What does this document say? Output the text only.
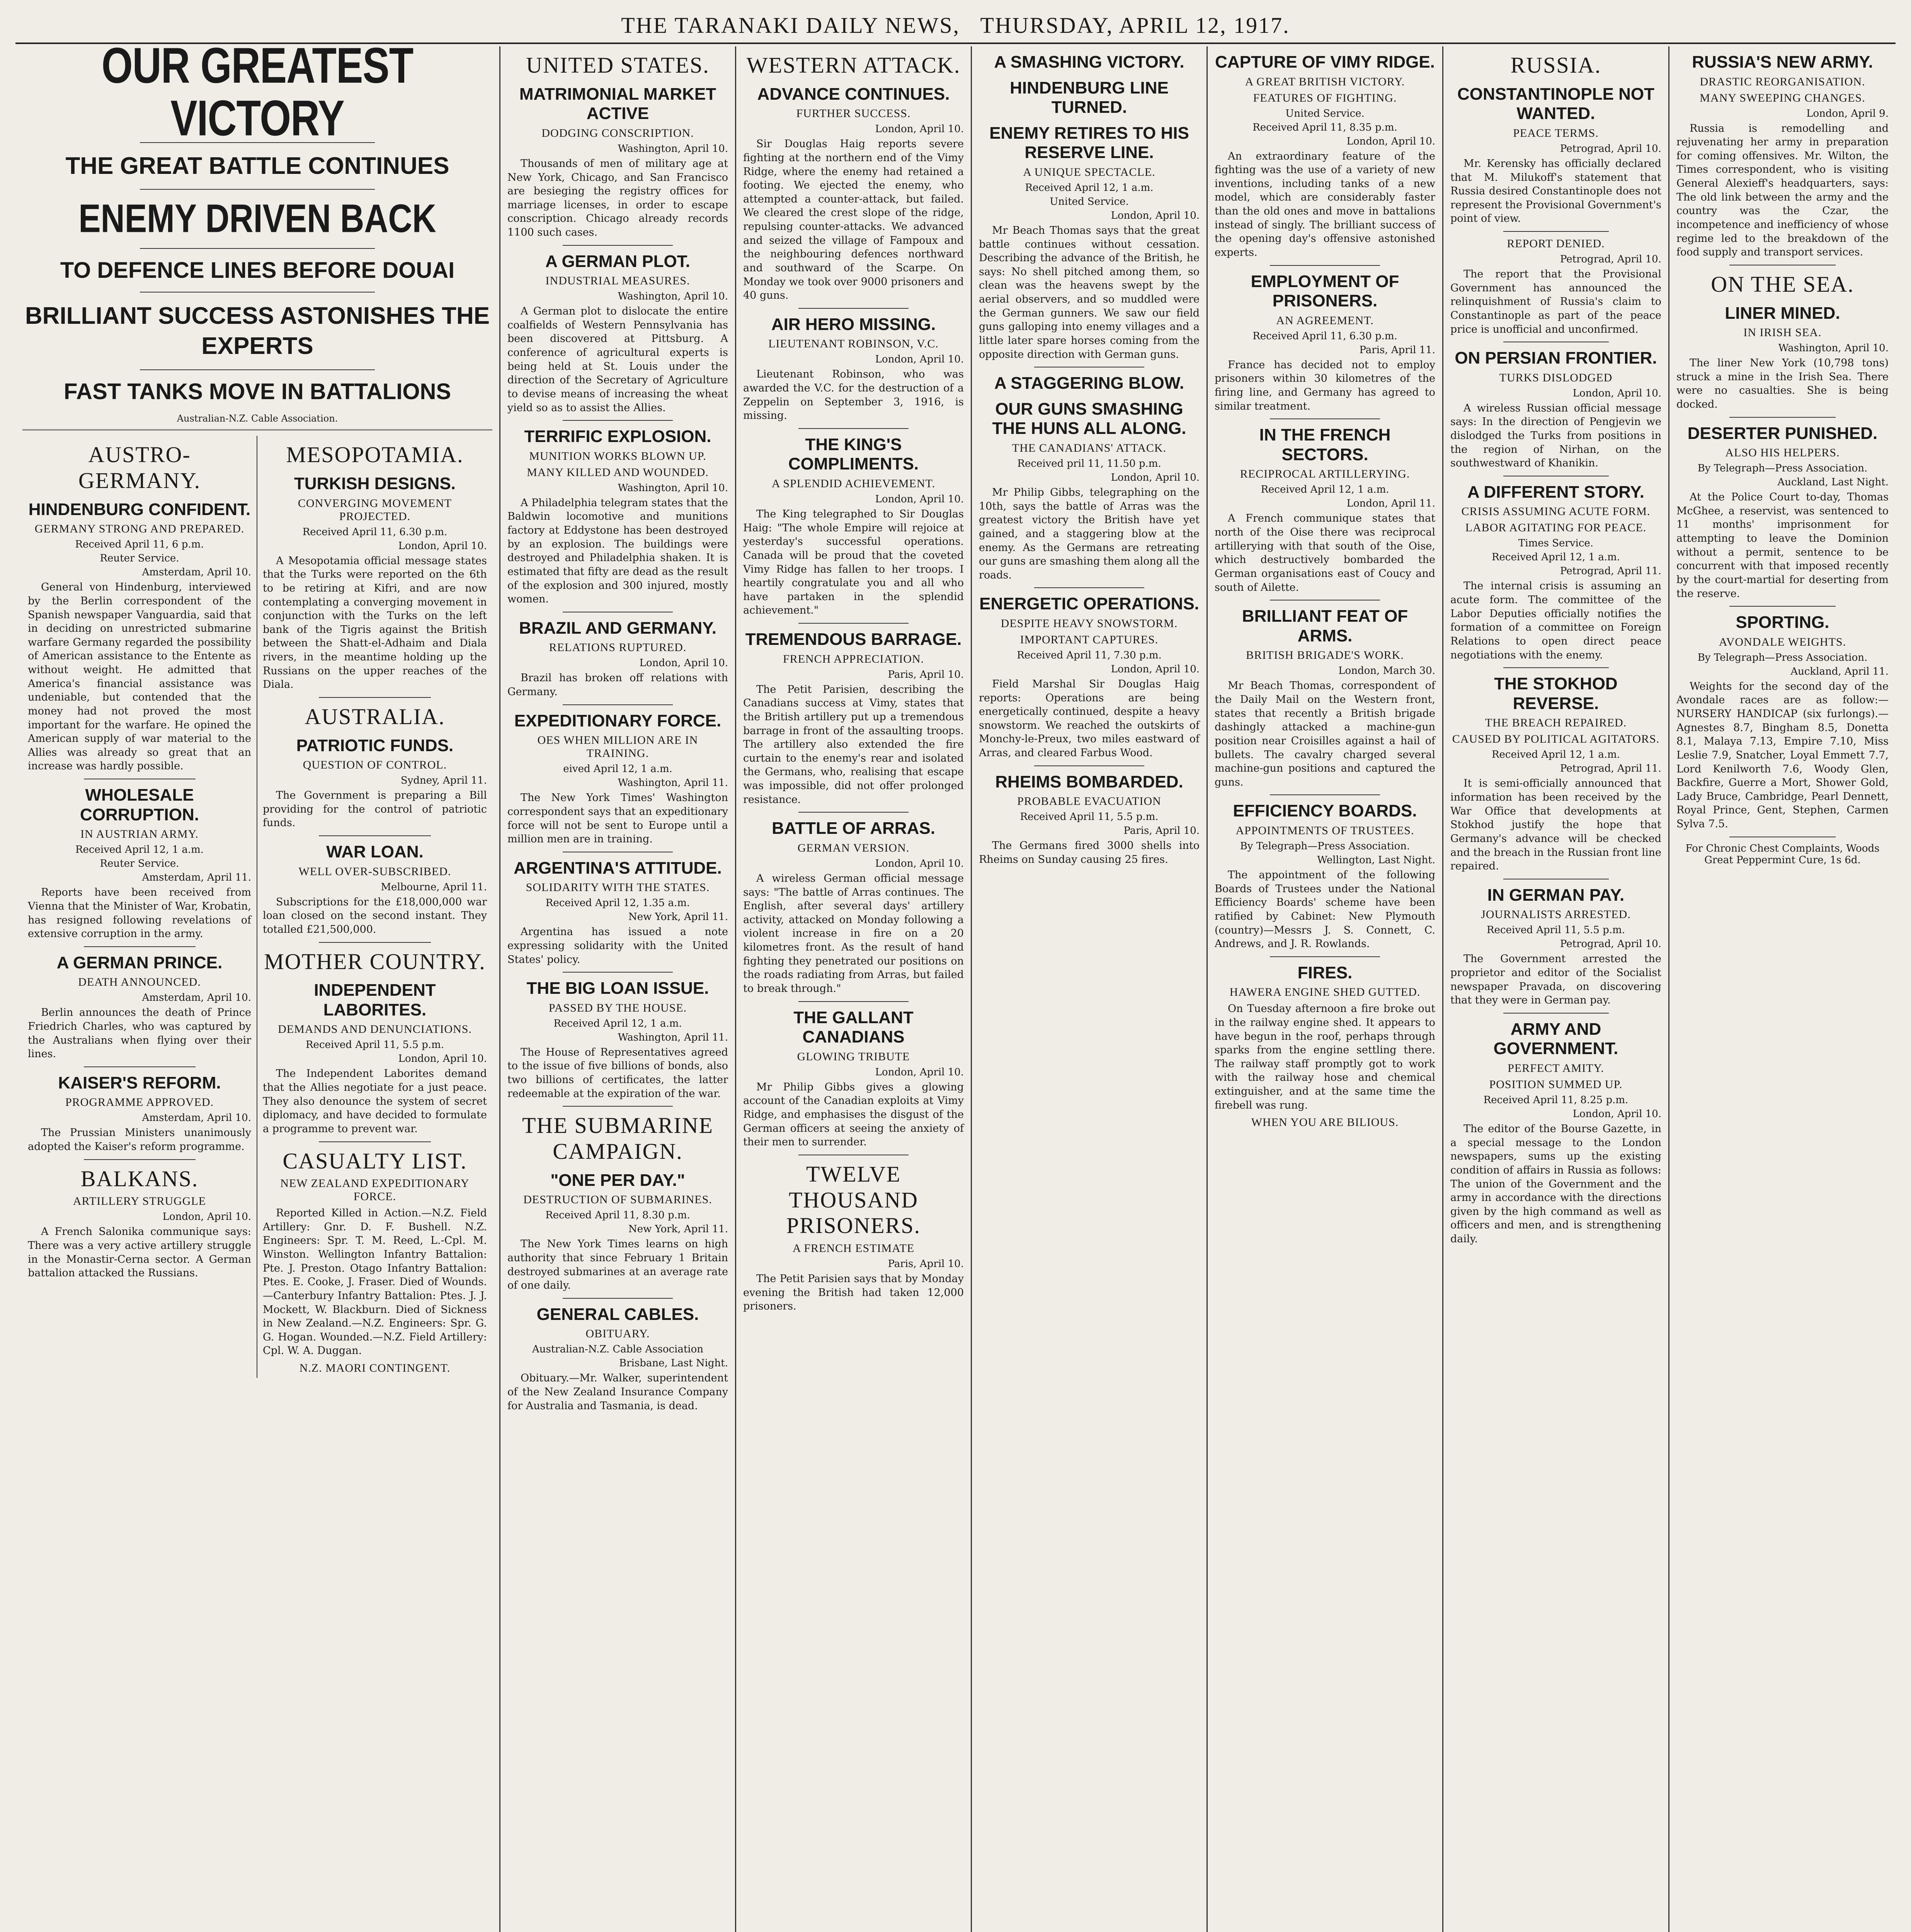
THE TARANAKI DAILY NEWS,
THURSDAY, APRIL 12, 1917.
OUR GREATEST VICTORY
THE GREAT BATTLE CONTINUES
ENEMY DRIVEN BACK
TO DEFENCE LINES BEFORE DOUAI
BRILLIANT SUCCESS ASTONISHES THE EXPERTS
FAST TANKS MOVE IN BATTALIONS
Australian-N.Z. Cable Association.
AUSTRO-GERMANY.
HINDENBURG CONFIDENT.
GERMANY STRONG AND PREPARED.
Received April 11, 6 p.m.
Reuter Service.
Amsterdam, April 10.

General von Hindenburg, interviewed by the Berlin correspondent of the Spanish newspaper Vanguardia, said that in deciding on unrestricted submarine warfare Germany regarded the possibility of American assistance to the Entente as without weight. He admitted that America's financial assistance was undeniable, but contended that the money had not proved the most important for the warfare. He opined the American supply of war material to the Allies was already so great that an increase was hardly possible.

WHOLESALE CORRUPTION.
IN AUSTRIAN ARMY.
Received April 12, 1 a.m.
Reuter Service.
Amsterdam, April 11.

Reports have been received from Vienna that the Minister of War, Krobatin, has resigned following revelations of extensive corruption in the army.

A GERMAN PRINCE.
DEATH ANNOUNCED.
Amsterdam, April 10.

Berlin announces the death of Prince Friedrich Charles, who was captured by the Australians when flying over their lines.

KAISER'S REFORM.
PROGRAMME APPROVED.
Amsterdam, April 10.

The Prussian Ministers unanimously adopted the Kaiser's reform programme.

BALKANS.
ARTILLERY STRUGGLE
London, April 10.

A French Salonika communique says: There was a very active artillery struggle in the Monastir-Cerna sector. A German battalion attacked the Russians.

MESOPOTAMIA.
TURKISH DESIGNS.
CONVERGING MOVEMENT PROJECTED.
Received April 11, 6.30 p.m.
London, April 10.

A Mesopotamia official message states that the Turks were reported on the 6th to be retiring at Kifri, and are now contemplating a converging movement in conjunction with the Turks on the left bank of the Tigris against the British between the Shatt-el-Adhaim and Diala rivers, in the meantime holding up the Russians on the upper reaches of the Diala.

AUSTRALIA.
PATRIOTIC FUNDS.
QUESTION OF CONTROL.
Sydney, April 11.

The Government is preparing a Bill providing for the control of patriotic funds.

WAR LOAN.
WELL OVER-SUBSCRIBED.
Melbourne, April 11.

Subscriptions for the £18,000,000 war loan closed on the second instant. They totalled £21,500,000.

MOTHER COUNTRY.
INDEPENDENT LABORITES.
DEMANDS AND DENUNCIATIONS.
Received April 11, 5.5 p.m.
London, April 10.

The Independent Laborites demand that the Allies negotiate for a just peace. They also denounce the system of secret diplomacy, and have decided to formulate a programme to prevent war.

CASUALTY LIST.
NEW ZEALAND EXPEDITIONARY FORCE.

Reported Killed in Action.—N.Z. Field Artillery: Gnr. D. F. Bushell. N.Z. Engineers: Spr. T. M. Reed, L.-Cpl. M. Winston. Wellington Infantry Battalion: Pte. J. Preston. Otago Infantry Battalion: Ptes. E. Cooke, J. Fraser. Died of Wounds.—Canterbury Infantry Battalion: Ptes. J. J. Mockett, W. Blackburn. Died of Sickness in New Zealand.—N.Z. Engineers: Spr. G. G. Hogan. Wounded.—N.Z. Field Artillery: Cpl. W. A. Duggan.

N.Z. MAORI CONTINGENT.
UNITED STATES.
MATRIMONIAL MARKET ACTIVE
DODGING CONSCRIPTION.
Washington, April 10.

Thousands of men of military age at New York, Chicago, and San Francisco are besieging the registry offices for marriage licenses, in order to escape conscription. Chicago already records 1100 such cases.

A GERMAN PLOT.
INDUSTRIAL MEASURES.
Washington, April 10.

A German plot to dislocate the entire coalfields of Western Pennsylvania has been discovered at Pittsburg. A conference of agricultural experts is being held at St. Louis under the direction of the Secretary of Agriculture to devise means of increasing the wheat yield so as to assist the Allies.

TERRIFIC EXPLOSION.
MUNITION WORKS BLOWN UP.
MANY KILLED AND WOUNDED.
Washington, April 10.

A Philadelphia telegram states that the Baldwin locomotive and munitions factory at Eddystone has been destroyed by an explosion. The buildings were destroyed and Philadelphia shaken. It is estimated that fifty are dead as the result of the explosion and 300 injured, mostly women.

BRAZIL AND GERMANY.
RELATIONS RUPTURED.
London, April 10.

Brazil has broken off relations with Germany.

EXPEDITIONARY FORCE.
OES WHEN MILLION ARE IN TRAINING.
eived April 12, 1 a.m.
Washington, April 11.

The New York Times' Washington correspondent says that an expeditionary force will not be sent to Europe until a million men are in training.

ARGENTINA'S ATTITUDE.
SOLIDARITY WITH THE STATES.
Received April 12, 1.35 a.m.
New York, April 11.

Argentina has issued a note expressing solidarity with the United States' policy.

THE BIG LOAN ISSUE.
PASSED BY THE HOUSE.
Received April 12, 1 a.m.
Washington, April 11.

The House of Representatives agreed to the issue of five billions of bonds, also two billions of certificates, the latter redeemable at the expiration of the war.

THE SUBMARINE CAMPAIGN.
"ONE PER DAY."
DESTRUCTION OF SUBMARINES.
Received April 11, 8.30 p.m.
New York, April 11.

The New York Times learns on high authority that since February 1 Britain destroyed submarines at an average rate of one daily.

GENERAL CABLES.
OBITUARY.
Australian-N.Z. Cable Association
Brisbane, Last Night.

Obituary.—Mr. Walker, superintendent of the New Zealand Insurance Company for Australia and Tasmania, is dead.

WESTERN ATTACK.
ADVANCE CONTINUES.
FURTHER SUCCESS.
London, April 10.

Sir Douglas Haig reports severe fighting at the northern end of the Vimy Ridge, where the enemy had retained a footing. We ejected the enemy, who attempted a counter-attack, but failed. We cleared the crest slope of the ridge, repulsing counter-attacks. We advanced and seized the village of Fampoux and the neighbouring defences northward and southward of the Scarpe. On Monday we took over 9000 prisoners and 40 guns.

AIR HERO MISSING.
LIEUTENANT ROBINSON, V.C.
London, April 10.

Lieutenant Robinson, who was awarded the V.C. for the destruction of a Zeppelin on September 3, 1916, is missing.

THE KING'S COMPLIMENTS.
A SPLENDID ACHIEVEMENT.
London, April 10.

The King telegraphed to Sir Douglas Haig: "The whole Empire will rejoice at yesterday's successful operations. Canada will be proud that the coveted Vimy Ridge has fallen to her troops. I heartily congratulate you and all who have partaken in the splendid achievement."

TREMENDOUS BARRAGE.
FRENCH APPRECIATION.
Paris, April 10.

The Petit Parisien, describing the Canadians success at Vimy, states that the British artillery put up a tremendous barrage in front of the assaulting troops. The artillery also extended the fire curtain to the enemy's rear and isolated the Germans, who, realising that escape was impossible, did not offer prolonged resistance.

BATTLE OF ARRAS.
GERMAN VERSION.
London, April 10.

A wireless German official message says: "The battle of Arras continues. The English, after several days' artillery activity, attacked on Monday following a violent increase in fire on a 20 kilometres front. As the result of hand fighting they penetrated our positions on the roads radiating from Arras, but failed to break through."

THE GALLANT CANADIANS
GLOWING TRIBUTE
London, April 10.

Mr Philip Gibbs gives a glowing account of the Canadian exploits at Vimy Ridge, and emphasises the disgust of the German officers at seeing the anxiety of their men to surrender.

TWELVE THOUSAND PRISONERS.
A FRENCH ESTIMATE
Paris, April 10.

The Petit Parisien says that by Monday evening the British had taken 12,000 prisoners.

A SMASHING VICTORY.
HINDENBURG LINE TURNED.
ENEMY RETIRES TO HIS RESERVE LINE.
A UNIQUE SPECTACLE.
Received April 12, 1 a.m.
United Service.
London, April 10.

Mr Beach Thomas says that the great battle continues without cessation. Describing the advance of the British, he says: No shell pitched among them, so clean was the heavens swept by the aerial observers, and so muddled were the German gunners. We saw our field guns galloping into enemy villages and a little later spare horses coming from the opposite direction with German guns.

A STAGGERING BLOW.
OUR GUNS SMASHING THE HUNS ALL ALONG.
THE CANADIANS' ATTACK.
Received pril 11, 11.50 p.m.
London, April 10.

Mr Philip Gibbs, telegraphing on the 10th, says the battle of Arras was the greatest victory the British have yet gained, and a staggering blow at the enemy. As the Germans are retreating our guns are smashing them along all the roads.

ENERGETIC OPERATIONS.
DESPITE HEAVY SNOWSTORM.
IMPORTANT CAPTURES.
Received April 11, 7.30 p.m.
London, April 10.

Field Marshal Sir Douglas Haig reports: Operations are being energetically continued, despite a heavy snowstorm. We reached the outskirts of Monchy-le-Preux, two miles eastward of Arras, and cleared Farbus Wood.

RHEIMS BOMBARDED.
PROBABLE EVACUATION
Received April 11, 5.5 p.m.
Paris, April 10.

The Germans fired 3000 shells into Rheims on Sunday causing 25 fires.

CAPTURE OF VIMY RIDGE.
A GREAT BRITISH VICTORY.
FEATURES OF FIGHTING.
United Service.
Received April 11, 8.35 p.m.
London, April 10.

An extraordinary feature of the fighting was the use of a variety of new inventions, including tanks of a new model, which are considerably faster than the old ones and move in battalions instead of singly. The brilliant success of the opening day's offensive astonished experts.

EMPLOYMENT OF PRISONERS.
AN AGREEMENT.
Received April 11, 6.30 p.m.
Paris, April 11.

France has decided not to employ prisoners within 30 kilometres of the firing line, and Germany has agreed to similar treatment.

IN THE FRENCH SECTORS.
RECIPROCAL ARTILLERYING.
Received April 12, 1 a.m.
London, April 11.

A French communique states that north of the Oise there was reciprocal artillerying with that south of the Oise, which destructively bombarded the German organisations east of Coucy and south of Ailette.

BRILLIANT FEAT OF ARMS.
BRITISH BRIGADE'S WORK.
London, March 30.

Mr Beach Thomas, correspondent of the Daily Mail on the Western front, states that recently a British brigade dashingly attacked a machine-gun position near Croisilles against a hail of bullets. The cavalry charged several machine-gun positions and captured the guns.

EFFICIENCY BOARDS.
APPOINTMENTS OF TRUSTEES.
By Telegraph—Press Association.
Wellington, Last Night.

The appointment of the following Boards of Trustees under the National Efficiency Boards' scheme have been ratified by Cabinet: New Plymouth (country)—Messrs J. S. Connett, C. Andrews, and J. R. Rowlands.

FIRES.
HAWERA ENGINE SHED GUTTED.

On Tuesday afternoon a fire broke out in the railway engine shed. It appears to have begun in the roof, perhaps through sparks from the engine settling there. The railway staff promptly got to work with the railway hose and chemical extinguisher, and at the same time the firebell was rung.

WHEN YOU ARE BILIOUS.
RUSSIA.
CONSTANTINOPLE NOT WANTED.
PEACE TERMS.
Petrograd, April 10.

Mr. Kerensky has officially declared that M. Milukoff's statement that Russia desired Constantinople does not represent the Provisional Government's point of view.

REPORT DENIED.
Petrograd, April 10.

The report that the Provisional Government has announced the relinquishment of Russia's claim to Constantinople as part of the peace price is unofficial and unconfirmed.

ON PERSIAN FRONTIER.
TURKS DISLODGED
London, April 10.

A wireless Russian official message says: In the direction of Pengjevin we dislodged the Turks from positions in the region of Nirhan, on the southwestward of Khanikin.

A DIFFERENT STORY.
CRISIS ASSUMING ACUTE FORM.
LABOR AGITATING FOR PEACE.
Times Service.
Received April 12, 1 a.m.
Petrograd, April 11.

The internal crisis is assuming an acute form. The committee of the Labor Deputies officially notifies the formation of a committee on Foreign Relations to open direct peace negotiations with the enemy.

THE STOKHOD REVERSE.
THE BREACH REPAIRED.
CAUSED BY POLITICAL AGITATORS.
Received April 12, 1 a.m.
Petrograd, April 11.

It is semi-officially announced that information has been received by the War Office that developments at Stokhod justify the hope that Germany's advance will be checked and the breach in the Russian front line repaired.

IN GERMAN PAY.
JOURNALISTS ARRESTED.
Received April 11, 5.5 p.m.
Petrograd, April 10.

The Government arrested the proprietor and editor of the Socialist newspaper Pravada, on discovering that they were in German pay.

ARMY AND GOVERNMENT.
PERFECT AMITY.
POSITION SUMMED UP.
Received April 11, 8.25 p.m.
London, April 10.

The editor of the Bourse Gazette, in a special message to the London newspapers, sums up the existing condition of affairs in Russia as follows: The union of the Government and the army in accordance with the directions given by the high command as well as officers and men, and is strengthening daily.

RUSSIA'S NEW ARMY.
DRASTIC REORGANISATION.
MANY SWEEPING CHANGES.
London, April 9.

Russia is remodelling and rejuvenating her army in preparation for coming offensives. Mr. Wilton, the Times correspondent, who is visiting General Alexieff's headquarters, says: The old link between the army and the country was the Czar, the incompetence and inefficiency of whose regime led to the breakdown of the food supply and transport services.

ON THE SEA.
LINER MINED.
IN IRISH SEA.
Washington, April 10.

The liner New York (10,798 tons) struck a mine in the Irish Sea. There were no casualties. She is being docked.

DESERTER PUNISHED.
ALSO HIS HELPERS.
By Telegraph—Press Association.
Auckland, Last Night.

At the Police Court to-day, Thomas McGhee, a reservist, was sentenced to 11 months' imprisonment for attempting to leave the Dominion without a permit, sentence to be concurrent with that imposed recently by the court-martial for deserting from the reserve.

SPORTING.
AVONDALE WEIGHTS.
By Telegraph—Press Association.
Auckland, April 11.

Weights for the second day of the Avondale races are as follow:— NURSERY HANDICAP (six furlongs).—Agnestes 8.7, Bingham 8.5, Donetta 8.1, Malaya 7.13, Empire 7.10, Miss Leslie 7.9, Snatcher, Loyal Emmett 7.7, Lord Kenilworth 7.6, Woody Glen, Backfire, Guerre a Mort, Shower Gold, Lady Bruce, Cambridge, Pearl Dennett, Royal Prince, Gent, Stephen, Carmen Sylva 7.5.

For Chronic Chest Complaints, Woods Great Peppermint Cure, 1s 6d.
